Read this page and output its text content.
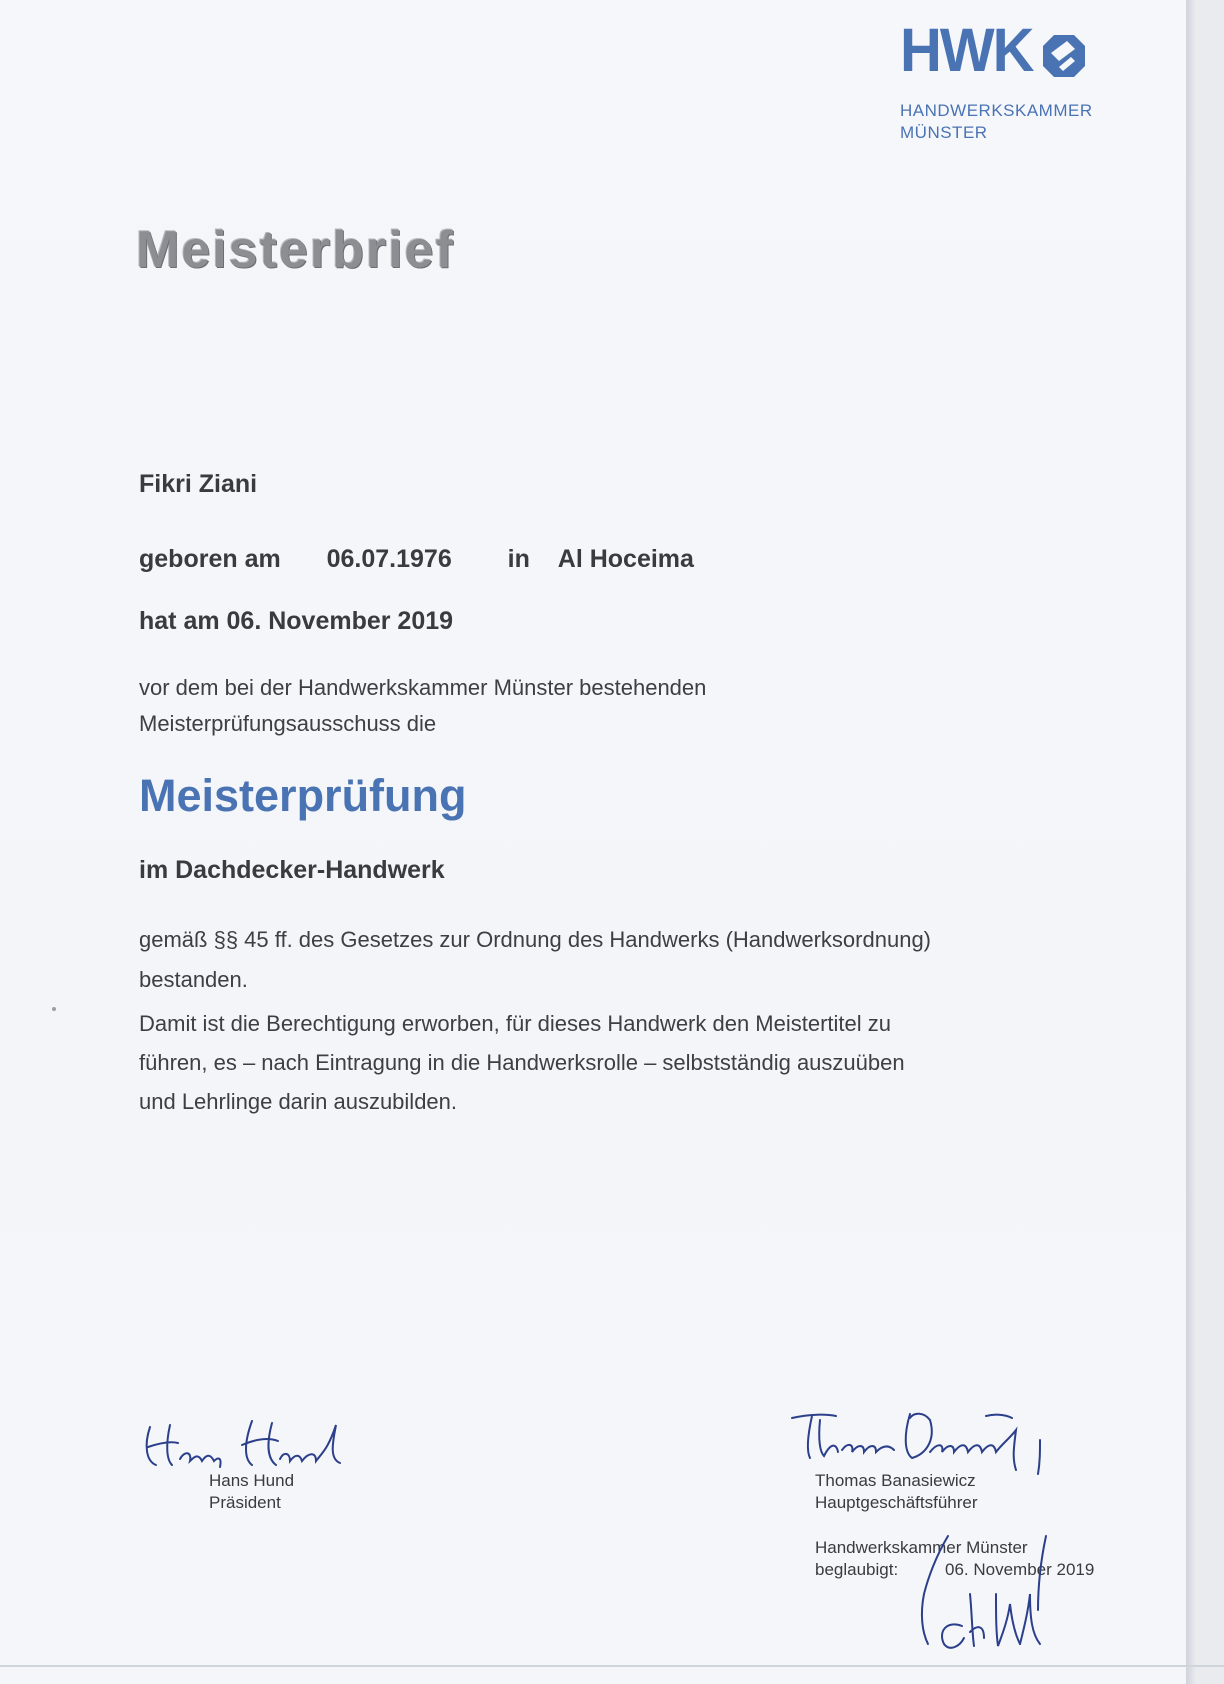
HWK
HANDWERKSKAMMER
MÜNSTER
Meisterbrief
Fikri Ziani
geboren am 06.07.1976 in Al Hoceima
hat am 06. November 2019
vor dem bei der Handwerkskammer Münster bestehenden
Meisterprüfungsausschuss die
Meisterprüfung
im Dachdecker-Handwerk
gemäß §§ 45 ff. des Gesetzes zur Ordnung des Handwerks (Handwerksordnung)
bestanden.
Damit ist die Berechtigung erworben, für dieses Handwerk den Meistertitel zu
führen, es – nach Eintragung in die Handwerksrolle – selbstständig auszuüben
und Lehrlinge darin auszubilden.
Hans Hund
Präsident
Thomas Banasiewicz
Hauptgeschäftsführer
Handwerkskammer Münster
beglaubigt:	06. November 2019
